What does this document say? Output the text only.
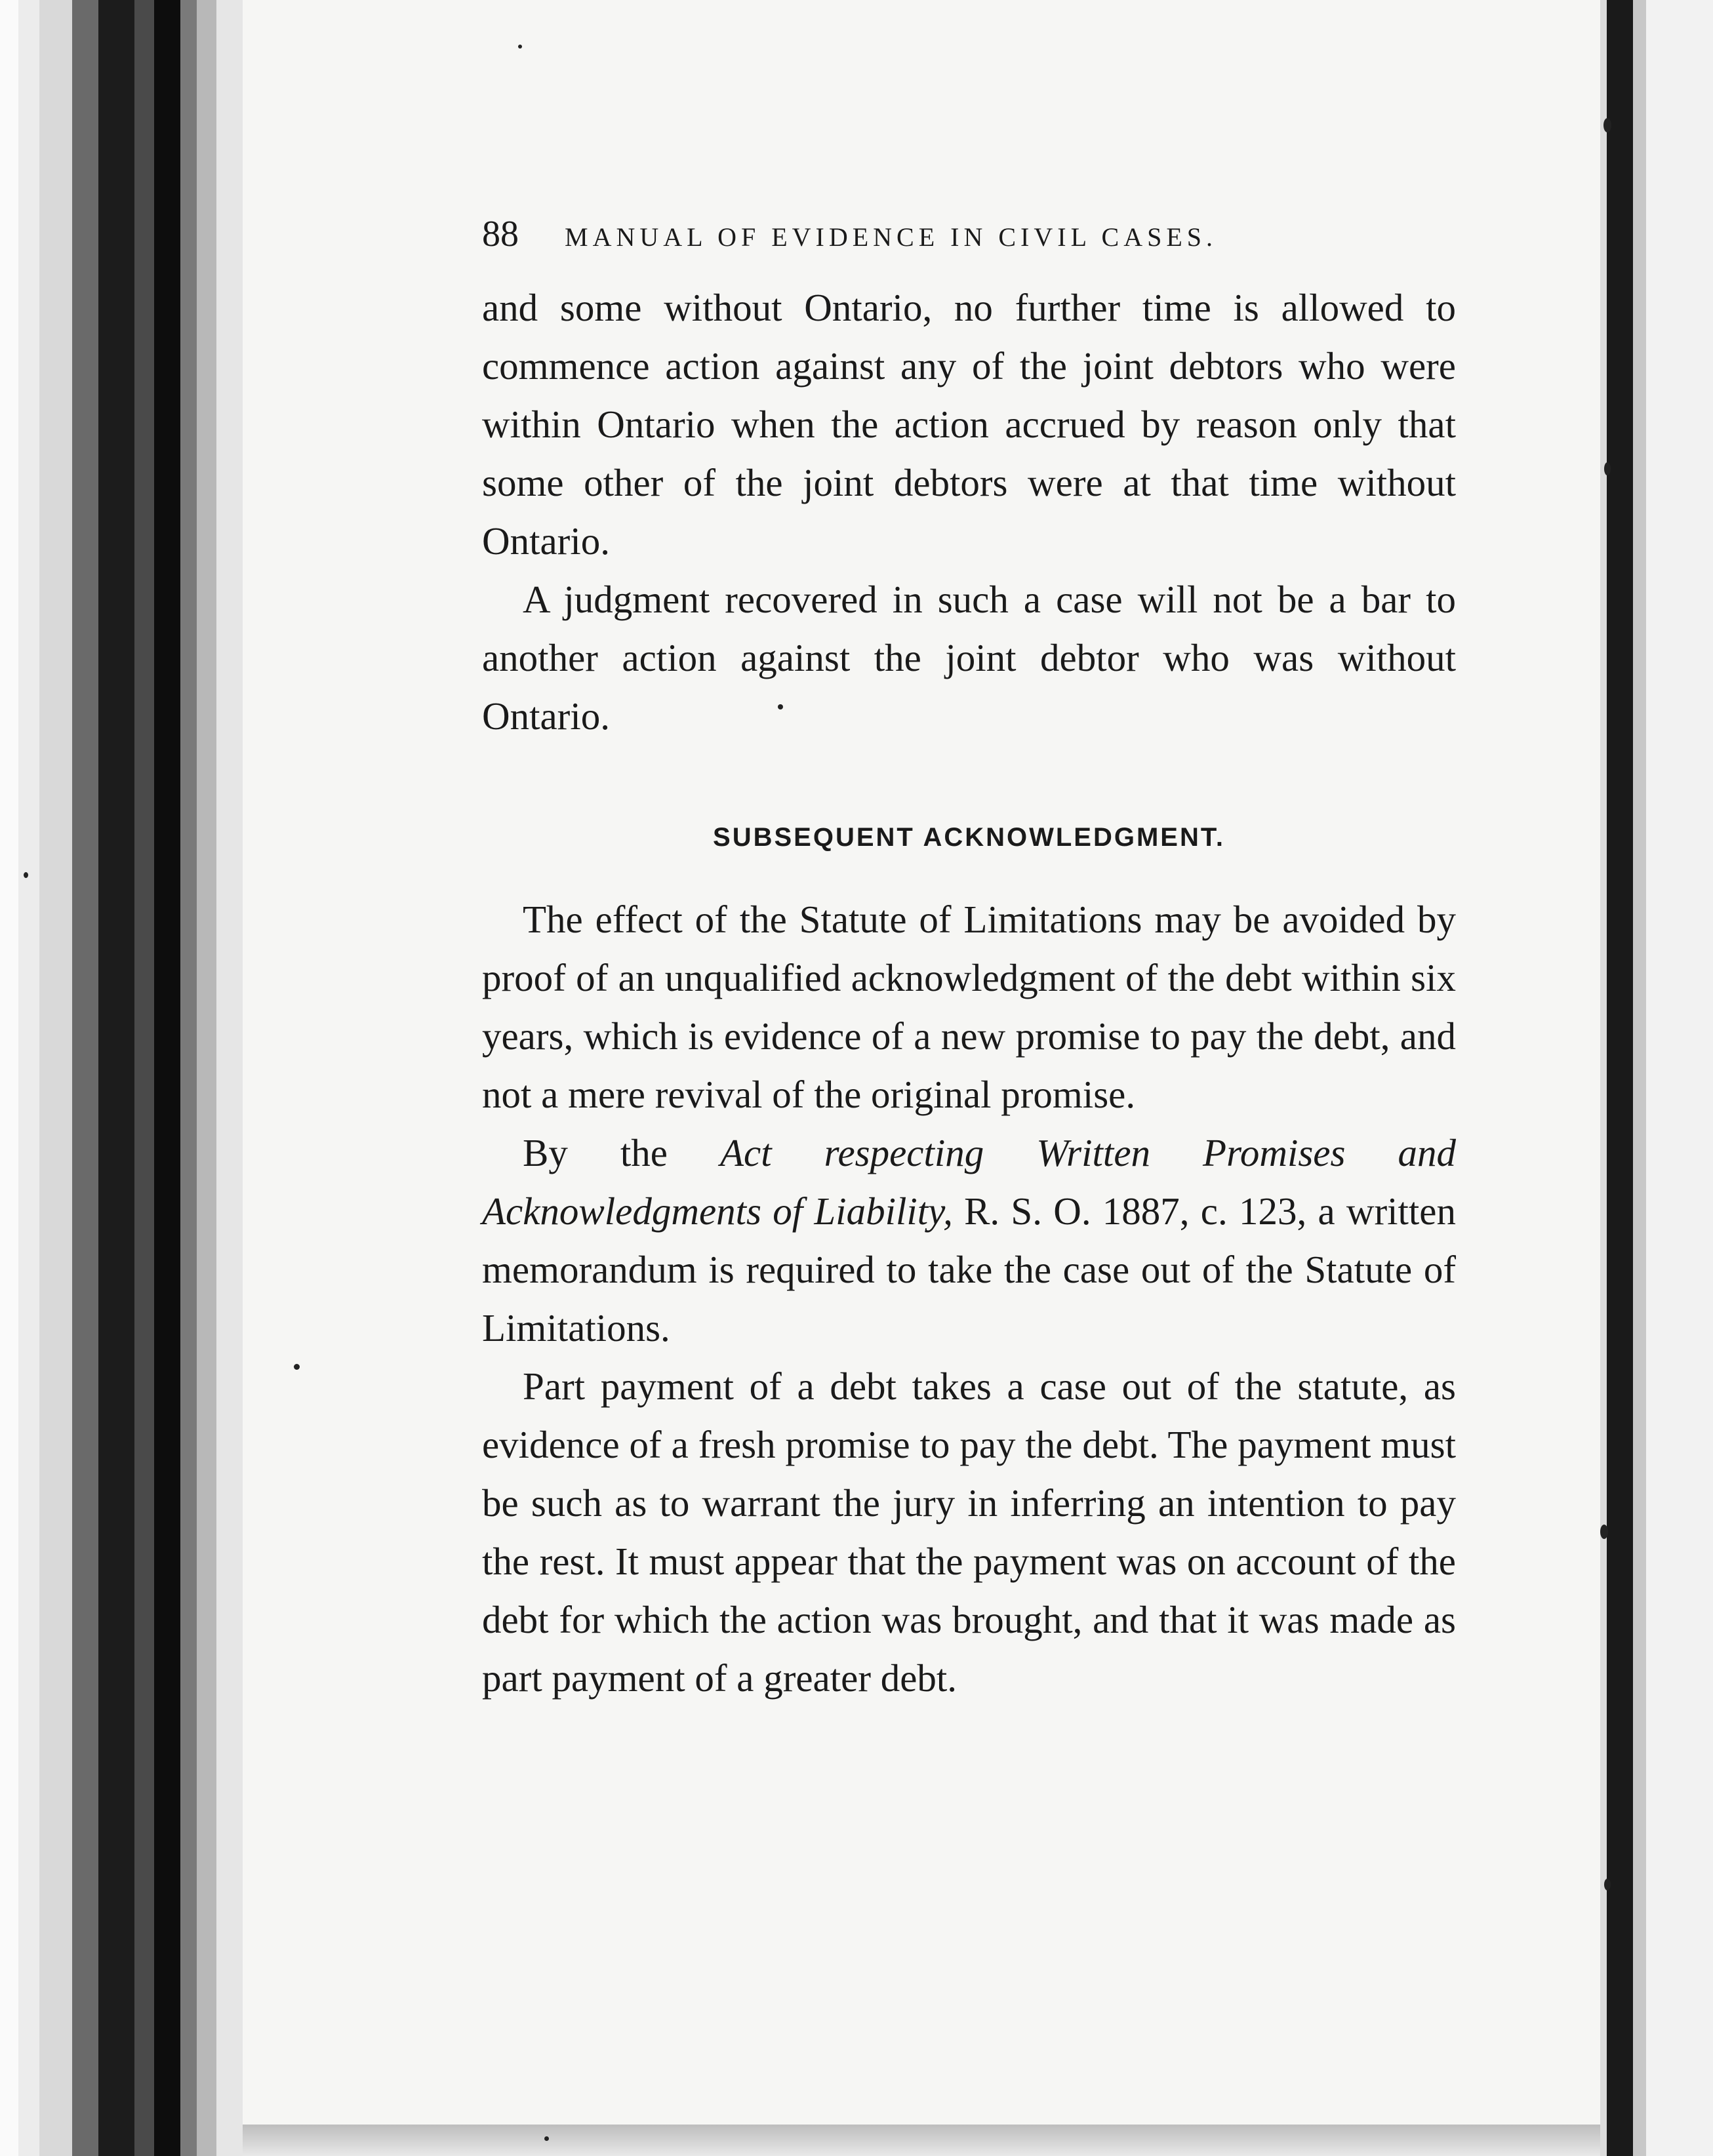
88 MANUAL OF EVIDENCE IN CIVIL CASES.

and some without Ontario, no further time is allowed to commence action against any of the joint debtors who were within Ontario when the action accrued by reason only that some other of the joint debtors were at that time without Ontario.

A judgment recovered in such a case will not be a bar to another action against the joint debtor who was without Ontario.

SUBSEQUENT ACKNOWLEDGMENT.

The effect of the Statute of Limitations may be avoided by proof of an unqualified acknowledgment of the debt within six years, which is evidence of a new promise to pay the debt, and not a mere revival of the original promise.

By the Act respecting Written Promises and Acknowledgments of Liability, R. S. O. 1887, c. 123, a written memorandum is required to take the case out of the Statute of Limitations.

Part payment of a debt takes a case out of the statute, as evidence of a fresh promise to pay the debt. The payment must be such as to warrant the jury in inferring an intention to pay the rest. It must appear that the payment was on account of the debt for which the action was brought, and that it was made as part payment of a greater debt.
